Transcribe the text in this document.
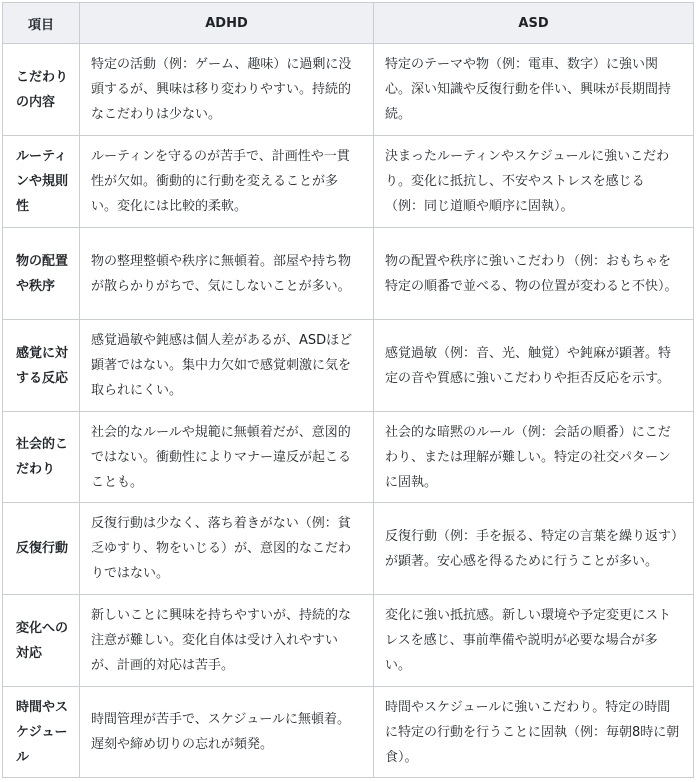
項目	ADHD	ASD
こだわりの内容	特定の活動（例：ゲーム、趣味）に過剰に没頭するが、興味は移り変わりやすい。持続的なこだわりは少ない。	特定のテーマや物（例：電車、数字）に強い関心。深い知識や反復行動を伴い、興味が長期間持続。
ルーティンや規則性	ルーティンを守るのが苦手で、計画性や一貫性が欠如。衝動的に行動を変えることが多い。変化には比較的柔軟。	決まったルーティンやスケジュールに強いこだわり。変化に抵抗し、不安やストレスを感じる（例：同じ道順や順序に固執）。
物の配置や秩序	物の整理整頓や秩序に無頓着。部屋や持ち物が散らかりがちで、気にしないことが多い。	物の配置や秩序に強いこだわり（例：おもちゃを特定の順番で並べる、物の位置が変わると不快）。
感覚に対する反応	感覚過敏や鈍感は個人差があるが、ASDほど顕著ではない。集中力欠如で感覚刺激に気を取られにくい。	感覚過敏（例：音、光、触覚）や鈍麻が顕著。特定の音や質感に強いこだわりや拒否反応を示す。
社会的こだわり	社会的なルールや規範に無頓着だが、意図的ではない。衝動性によりマナー違反が起こることも。	社会的な暗黙のルール（例：会話の順番）にこだわり、または理解が難しい。特定の社交パターンに固執。
反復行動	反復行動は少なく、落ち着きがない（例：貧乏ゆすり、物をいじる）が、意図的なこだわりではない。	反復行動（例：手を振る、特定の言葉を繰り返す）が顕著。安心感を得るために行うことが多い。
変化への対応	新しいことに興味を持ちやすいが、持続的な注意が難しい。変化自体は受け入れやすいが、計画的対応は苦手。	変化に強い抵抗感。新しい環境や予定変更にストレスを感じ、事前準備や説明が必要な場合が多い。
時間やスケジュール	時間管理が苦手で、スケジュールに無頓着。遅刻や締め切りの忘れが頻発。	時間やスケジュールに強いこだわり。特定の時間に特定の行動を行うことに固執（例：毎朝8時に朝食）。
